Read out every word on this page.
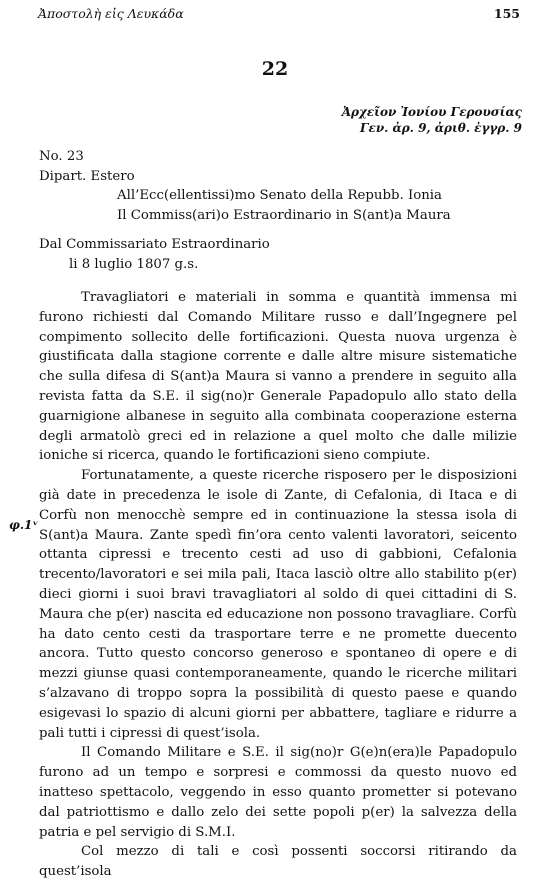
Ἀποστολὴ εἰς Λευκάδα	155
22
Ἀρχεῖον Ἰονίου Γερουσίας
Γεν. ἀρ. 9, ἀριθ. ἐγγρ. 9
No. 23
Dipart. Estero
All’Ecc(ellentissi)mo Senato della Repubb. Ionia
Il Commiss(ari)o Estraordinario in S(ant)a Maura
Dal Commissariato Estraordinario
li 8 luglio 1807 g.s.
φ.1ᵛ

Travagliatori e materiali in somma e quantità immensa mi furono richiesti dal Comando Militare russo e dall’Ingegnere pel compimento sollecito delle fortificazioni. Questa nuova urgenza è giustificata dalla stagione corrente e dalle altre misure sistematiche che sulla difesa di S(ant)a Maura si vanno a prendere in seguito alla revista fatta da S.E. il sig(no)r Generale Papadopulo allo stato della guarnigione albanese in seguito alla combinata cooperazione esterna degli armatolò greci ed in relazione a quel molto che dalle milizie ioniche si ricerca, quando le fortificazioni sieno compiute.

Fortunatamente, a queste ricerche risposero per le disposizioni già date in precedenza le isole di Zante, di Cefalonia, di Itaca e di Corfù non menocchè sempre ed in continuazione la stessa isola di S(ant)a Maura. Zante spedì fin’ora cento valenti lavoratori, seicento ottanta cipressi e trecento cesti ad uso di gabbioni, Cefalonia trecento/lavoratori e sei mila pali, Itaca lasciò oltre allo stabilito p(er) dieci giorni i suoi bravi travagliatori al soldo di quei cittadini di S. Maura che p(er) nascita ed educazione non possono travagliare. Corfù ha dato cento cesti da trasportare terre e ne promette duecento ancora. Tutto questo concorso generoso e spontaneo di opere e di mezzi giunse quasi contemporaneamente, quando le ricerche militari s’alzavano di troppo sopra la possibilità di questo paese e quando esigevasi lo spazio di alcuni giorni per abbattere, tagliare e ridurre a pali tutti i cipressi di quest’isola.

Il Comando Militare e S.E. il sig(no)r G(e)n(era)le Papadopulo furono ad un tempo e sorpresi e commossi da questo nuovo ed inatteso spettacolo, veggendo in esso quanto prometter si potevano dal patriottismo e dallo zelo dei sette popoli p(er) la salvezza della patria e pel servigio di S.M.I.

Col mezzo di tali e così possenti soccorsi ritirando da quest’isola
